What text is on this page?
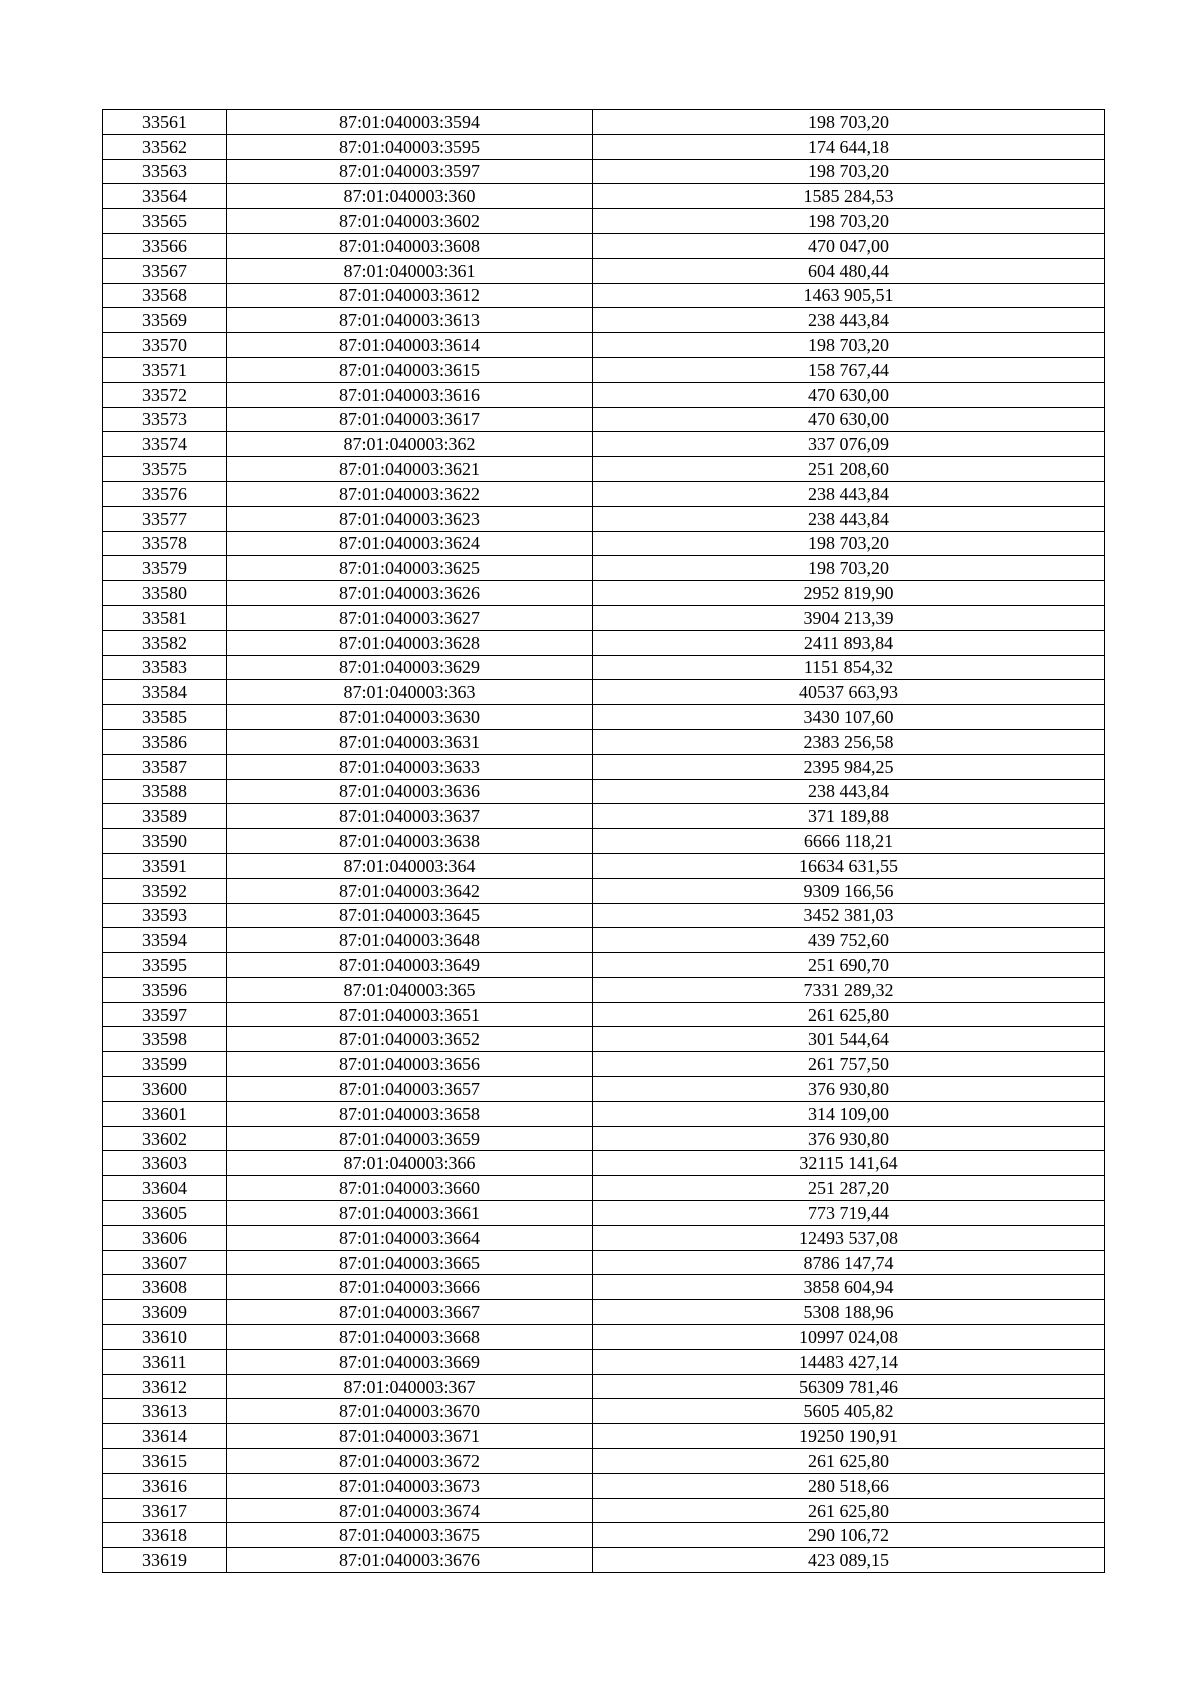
33561	87:01:040003:3594	198 703,20
33562	87:01:040003:3595	174 644,18
33563	87:01:040003:3597	198 703,20
33564	87:01:040003:360	1585 284,53
33565	87:01:040003:3602	198 703,20
33566	87:01:040003:3608	470 047,00
33567	87:01:040003:361	604 480,44
33568	87:01:040003:3612	1463 905,51
33569	87:01:040003:3613	238 443,84
33570	87:01:040003:3614	198 703,20
33571	87:01:040003:3615	158 767,44
33572	87:01:040003:3616	470 630,00
33573	87:01:040003:3617	470 630,00
33574	87:01:040003:362	337 076,09
33575	87:01:040003:3621	251 208,60
33576	87:01:040003:3622	238 443,84
33577	87:01:040003:3623	238 443,84
33578	87:01:040003:3624	198 703,20
33579	87:01:040003:3625	198 703,20
33580	87:01:040003:3626	2952 819,90
33581	87:01:040003:3627	3904 213,39
33582	87:01:040003:3628	2411 893,84
33583	87:01:040003:3629	1151 854,32
33584	87:01:040003:363	40537 663,93
33585	87:01:040003:3630	3430 107,60
33586	87:01:040003:3631	2383 256,58
33587	87:01:040003:3633	2395 984,25
33588	87:01:040003:3636	238 443,84
33589	87:01:040003:3637	371 189,88
33590	87:01:040003:3638	6666 118,21
33591	87:01:040003:364	16634 631,55
33592	87:01:040003:3642	9309 166,56
33593	87:01:040003:3645	3452 381,03
33594	87:01:040003:3648	439 752,60
33595	87:01:040003:3649	251 690,70
33596	87:01:040003:365	7331 289,32
33597	87:01:040003:3651	261 625,80
33598	87:01:040003:3652	301 544,64
33599	87:01:040003:3656	261 757,50
33600	87:01:040003:3657	376 930,80
33601	87:01:040003:3658	314 109,00
33602	87:01:040003:3659	376 930,80
33603	87:01:040003:366	32115 141,64
33604	87:01:040003:3660	251 287,20
33605	87:01:040003:3661	773 719,44
33606	87:01:040003:3664	12493 537,08
33607	87:01:040003:3665	8786 147,74
33608	87:01:040003:3666	3858 604,94
33609	87:01:040003:3667	5308 188,96
33610	87:01:040003:3668	10997 024,08
33611	87:01:040003:3669	14483 427,14
33612	87:01:040003:367	56309 781,46
33613	87:01:040003:3670	5605 405,82
33614	87:01:040003:3671	19250 190,91
33615	87:01:040003:3672	261 625,80
33616	87:01:040003:3673	280 518,66
33617	87:01:040003:3674	261 625,80
33618	87:01:040003:3675	290 106,72
33619	87:01:040003:3676	423 089,15
